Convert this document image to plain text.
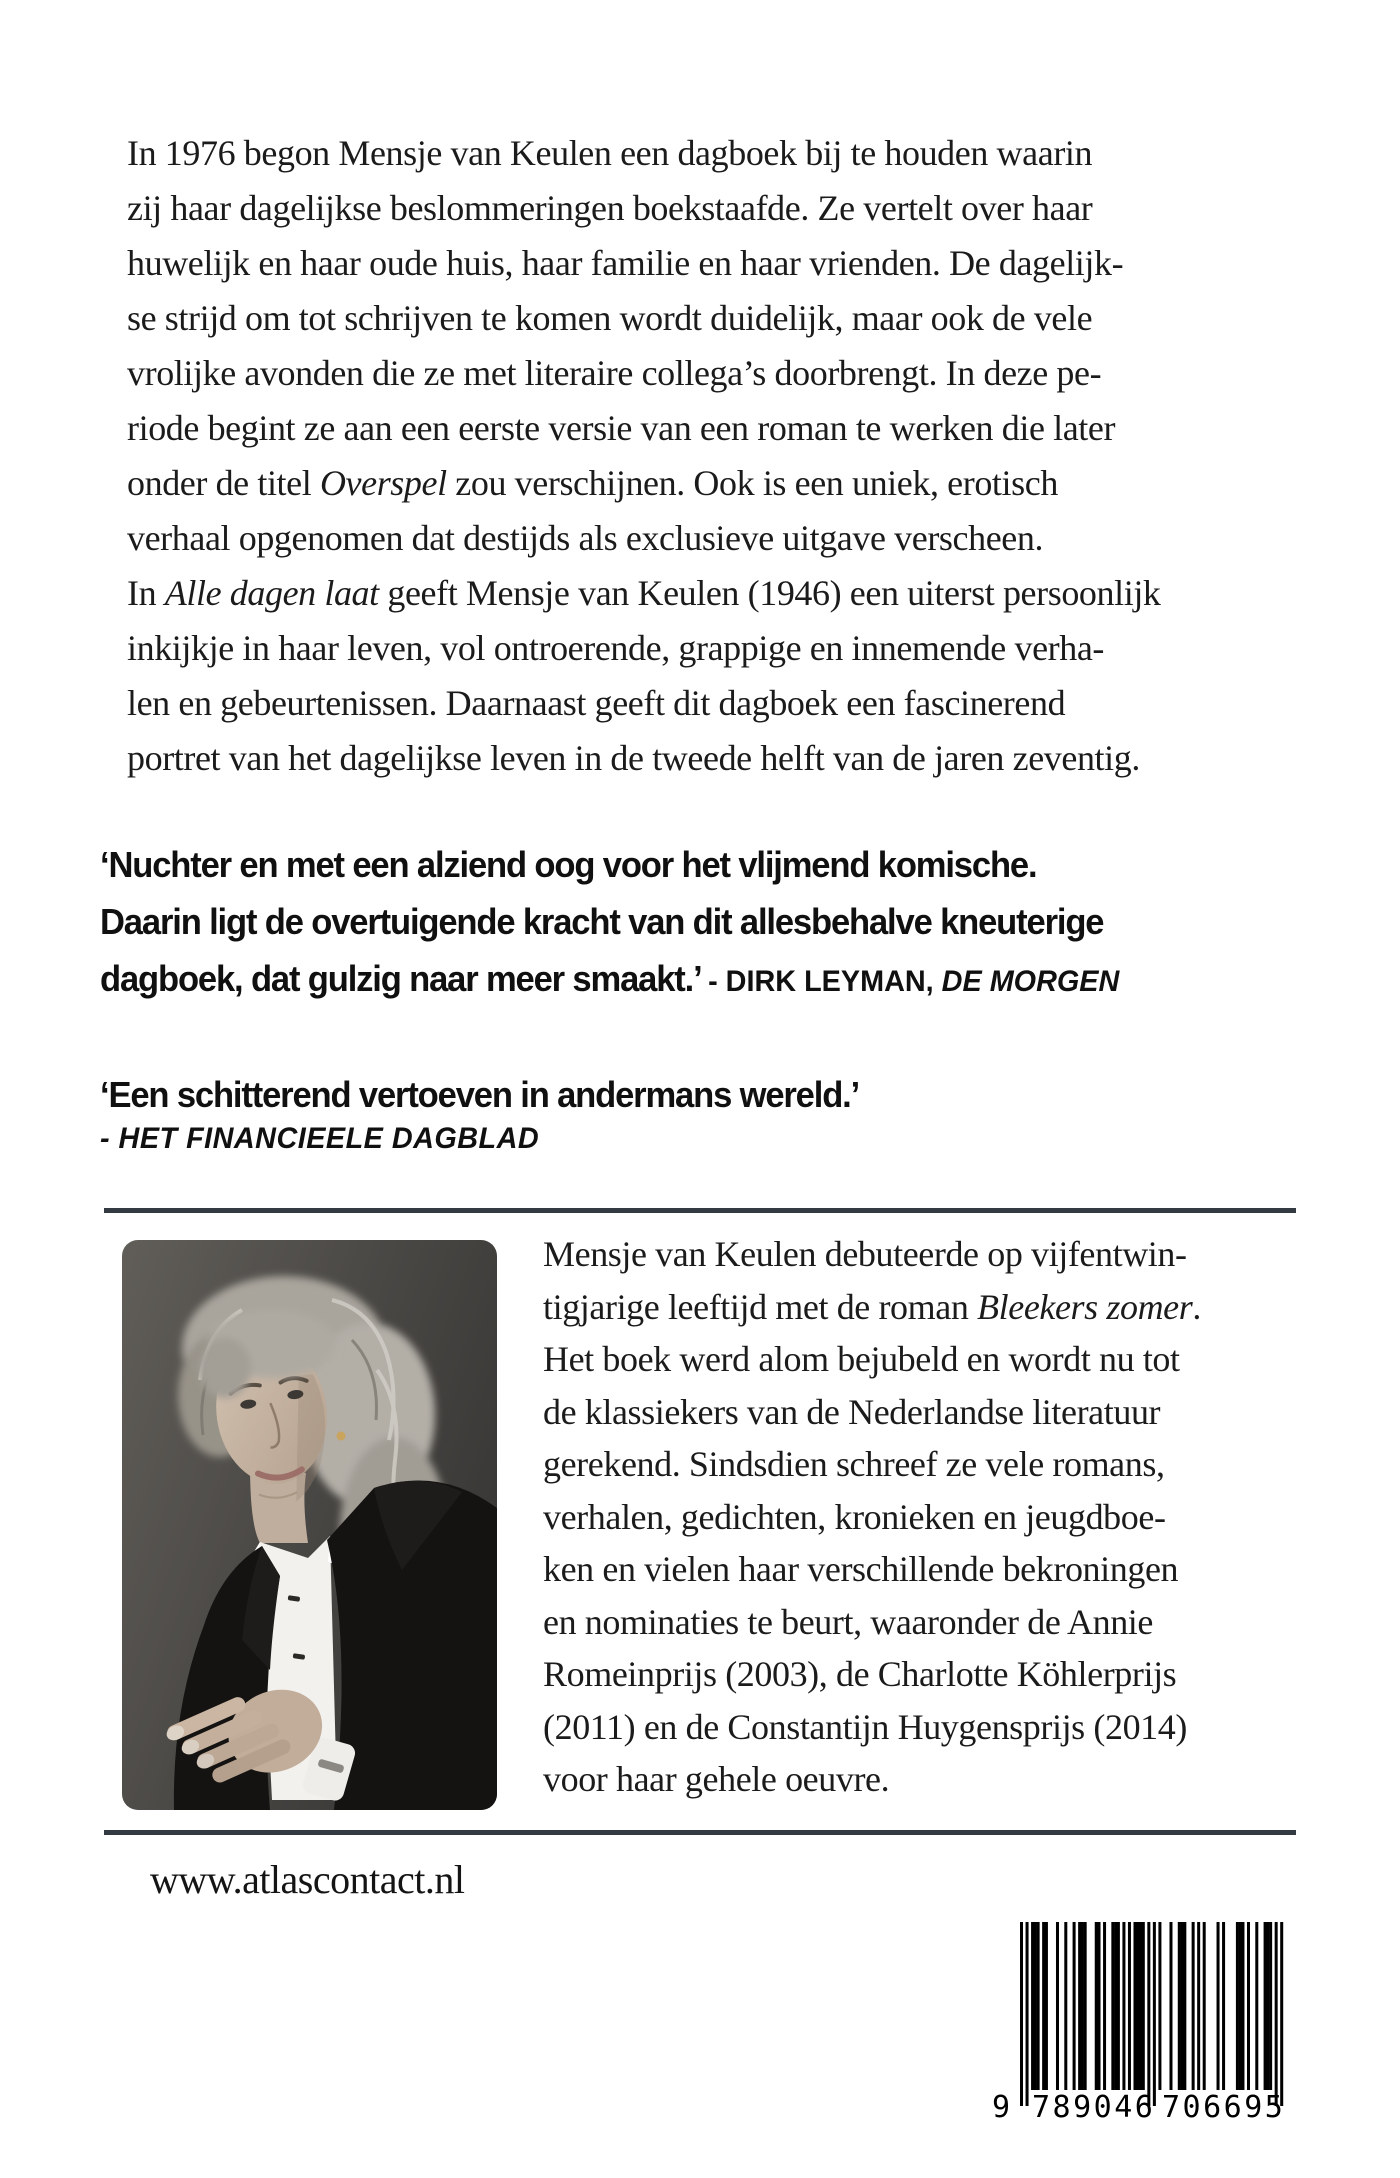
In 1976 begon Mensje van Keulen een dagboek bij te houden waarin
zij haar dagelijkse beslommeringen boekstaafde. Ze vertelt over haar
huwelijk en haar oude huis, haar familie en haar vrienden. De dagelijk-
se strijd om tot schrijven te komen wordt duidelijk, maar ook de vele
vrolijke avonden die ze met literaire collega’s doorbrengt. In deze pe-
riode begint ze aan een eerste versie van een roman te werken die later
onder de titel Overspel zou verschijnen. Ook is een uniek, erotisch
verhaal opgenomen dat destijds als exclusieve uitgave verscheen.
In Alle dagen laat geeft Mensje van Keulen (1946) een uiterst persoonlijk
inkijkje in haar leven, vol ontroerende, grappige en innemende verha-
len en gebeurtenissen. Daarnaast geeft dit dagboek een fascinerend
portret van het dagelijkse leven in de tweede helft van de jaren zeventig.
‘Nuchter en met een alziend oog voor het vlijmend komische.
Daarin ligt de overtuigende kracht van dit allesbehalve kneuterige
dagboek, dat gulzig naar meer smaakt.’ - DIRK LEYMAN, DE MORGEN
‘Een schitterend vertoeven in andermans wereld.’
- HET FINANCIEELE DAGBLAD
Mensje van Keulen debuteerde op vijfentwin-
tigjarige leeftijd met de roman Bleekers zomer.
Het boek werd alom bejubeld en wordt nu tot
de klassiekers van de Nederlandse literatuur
gerekend. Sindsdien schreef ze vele romans,
verhalen, gedichten, kronieken en jeugdboe-
ken en vielen haar verschillende bekroningen
en nominaties te beurt, waaronder de Annie
Romeinprijs (2003), de Charlotte Köhlerprijs
(2011) en de Constantijn Huygensprijs (2014)
voor haar gehele oeuvre.
www.atlascontact.nl
9 789046 706695
